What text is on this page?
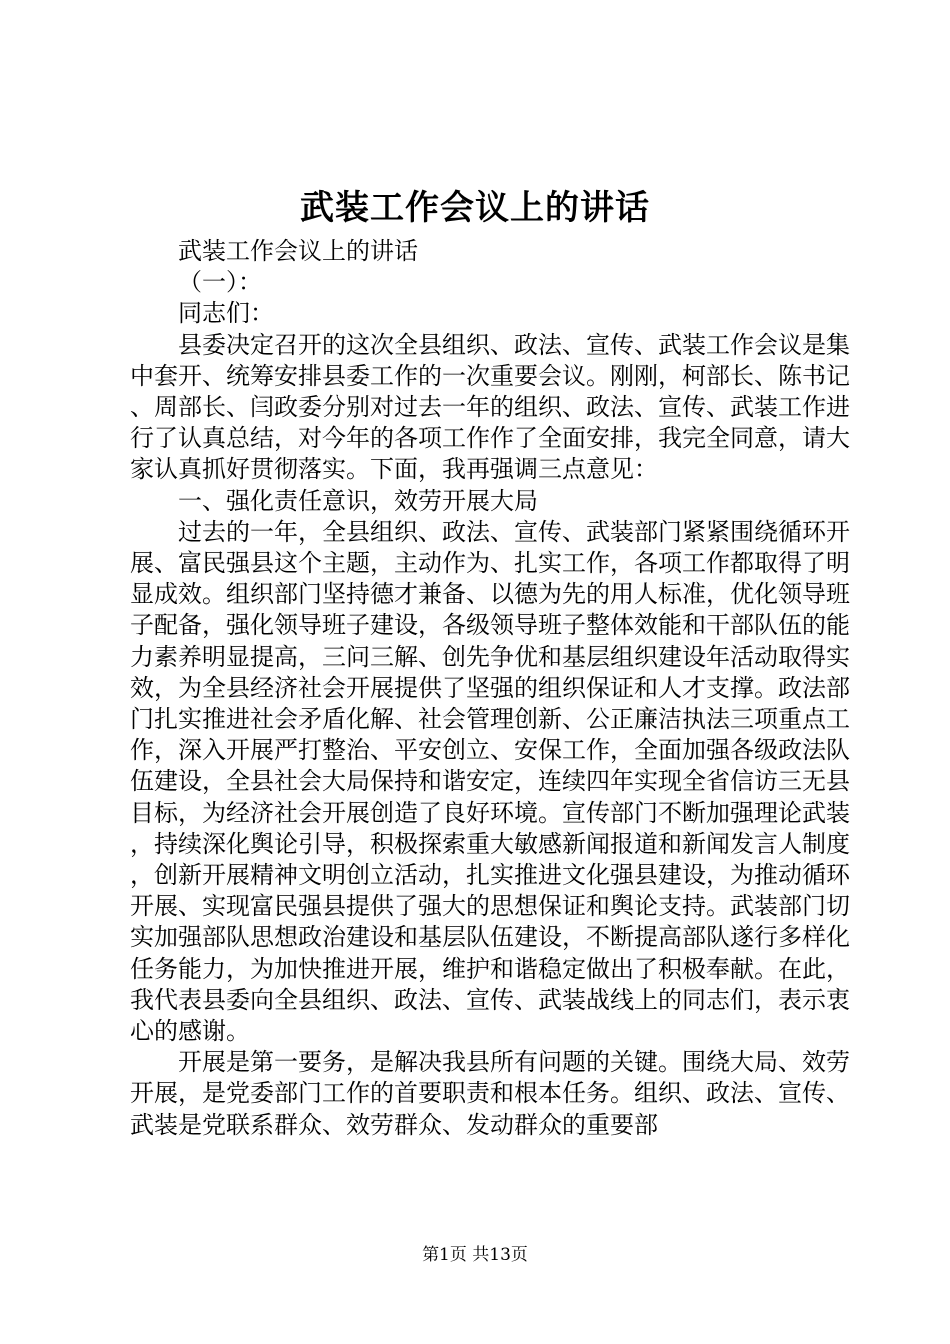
武装工作会议上的讲话

武装工作会议上的讲话

（一）：

同志们：

县委决定召开的这次全县组织、政法、宣传、武装工作会议是集中套开、统筹安排县委工作的一次重要会议。刚刚，柯部长、陈书记、周部长、闫政委分别对过去一年的组织、政法、宣传、武装工作进行了认真总结，对今年的各项工作作了全面安排，我完全同意，请大家认真抓好贯彻落实。下面，我再强调三点意见：

一、强化责任意识，效劳开展大局

过去的一年，全县组织、政法、宣传、武装部门紧紧围绕循环开展、富民强县这个主题，主动作为、扎实工作，各项工作都取得了明显成效。组织部门坚持德才兼备、以德为先的用人标准，优化领导班子配备，强化领导班子建设，各级领导班子整体效能和干部队伍的能力素养明显提高，三问三解、创先争优和基层组织建设年活动取得实效，为全县经济社会开展提供了坚强的组织保证和人才支撑。政法部门扎实推进社会矛盾化解、社会管理创新、公正廉洁执法三项重点工作，深入开展严打整治、平安创立、安保工作，全面加强各级政法队伍建设，全县社会大局保持和谐安定，连续四年实现全省信访三无县目标，为经济社会开展创造了良好环境。宣传部门不断加强理论武装，持续深化舆论引导，积极探索重大敏感新闻报道和新闻发言人制度，创新开展精神文明创立活动，扎实推进文化强县建设，为推动循环开展、实现富民强县提供了强大的思想保证和舆论支持。武装部门切实加强部队思想政治建设和基层队伍建设，不断提高部队遂行多样化任务能力，为加快推进开展，维护和谐稳定做出了积极奉献。在此，我代表县委向全县组织、政法、宣传、武装战线上的同志们，表示衷心的感谢。

开展是第一要务，是解决我县所有问题的关键。围绕大局、效劳开展，是党委部门工作的首要职责和根本任务。组织、政法、宣传、武装是党联系群众、效劳群众、发动群众的重要部

第1页 共13页
